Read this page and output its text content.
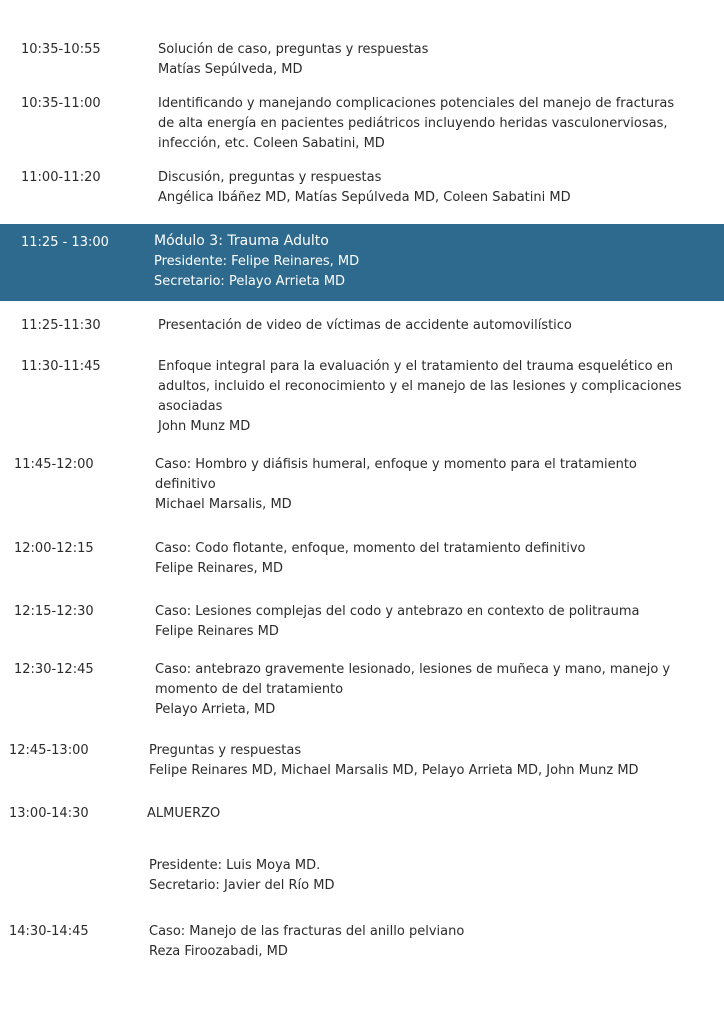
10:35-10:55	Solución de caso, preguntas y respuestas
Matías Sepúlveda, MD
10:35-11:00	Identificando y manejando complicaciones potenciales del manejo de fracturas
de alta energía en pacientes pediátricos incluyendo heridas vasculonerviosas,
infección, etc. Coleen Sabatini, MD
11:00-11:20	Discusión, preguntas y respuestas
Angélica Ibáñez MD, Matías Sepúlveda MD, Coleen Sabatini MD
11:25 - 13:00	Módulo 3: Trauma Adulto
Presidente: Felipe Reinares, MD
Secretario: Pelayo Arrieta MD
11:25-11:30	Presentación de video de víctimas de accidente automovilístico
11:30-11:45	Enfoque integral para la evaluación y el tratamiento del trauma esquelético en
adultos, incluido el reconocimiento y el manejo de las lesiones y complicaciones
asociadas
John Munz MD
11:45-12:00	Caso: Hombro y diáfisis humeral, enfoque y momento para el tratamiento
definitivo
Michael Marsalis, MD
12:00-12:15	Caso: Codo flotante, enfoque, momento del tratamiento definitivo
Felipe Reinares, MD
12:15-12:30	Caso: Lesiones complejas del codo y antebrazo en contexto de politrauma
Felipe Reinares MD
12:30-12:45	Caso: antebrazo gravemente lesionado, lesiones de muñeca y mano, manejo y
momento de del tratamiento
Pelayo Arrieta, MD
12:45-13:00	Preguntas y respuestas
Felipe Reinares MD, Michael Marsalis MD, Pelayo Arrieta MD, John Munz MD
13:00-14:30	ALMUERZO
Presidente: Luis Moya MD.
Secretario: Javier del Río MD
14:30-14:45	Caso: Manejo de las fracturas del anillo pelviano
Reza Firoozabadi, MD
